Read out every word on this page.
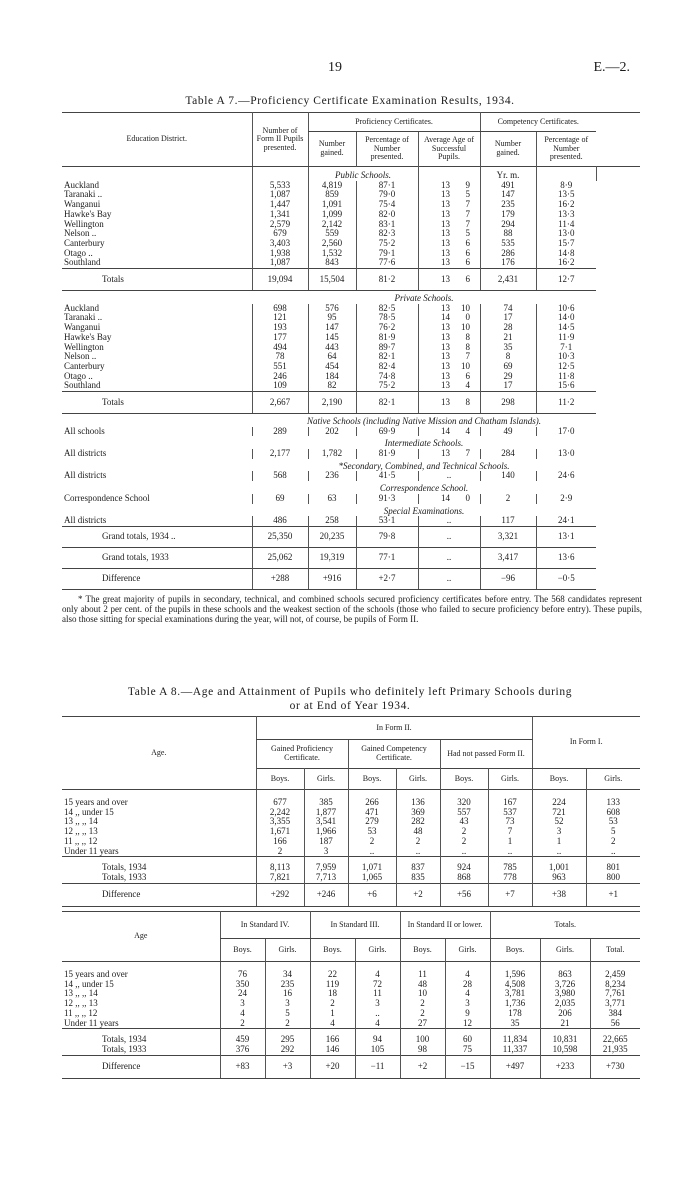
19	E.—2.
Table A 7.—Proficiency Certificate Examination Results, 1934.
Education District.	Number of Form II Pupils presented.	Proficiency Certificates.			Competency Certificates.		
		Number gained.	Percentage of Number presented.	Average Age of Successful Pupils.	Number gained.	Percentage of Number presented.	
		Public Schools.			Yr. m.		
Auckland	5,533	4,819	87·1	13 9	491	8·9	
Taranaki ..	1,087	859	79·0	13 5	147	13·5	
Wanganui	1,447	1,091	75·4	13 7	235	16·2	
Hawke's Bay	1,341	1,099	82·0	13 7	179	13·3	
Wellington	2,579	2,142	83·1	13 7	294	11·4	
Nelson ..	679	559	82·3	13 5	88	13·0	
Canterbury	3,403	2,560	75·2	13 6	535	15·7	
Otago ..	1,938	1,532	79·1	13 6	286	14·8	
Southland	1,087	843	77·6	13 6	176	16·2	
Totals	19,094	15,504	81·2	13 6	2,431	12·7	
	Private Schools.						
Auckland	698	576	82·5	13 10	74	10·6	
Taranaki ..	121	95	78·5	14 0	17	14·0	
Wanganui	193	147	76·2	13 10	28	14·5	
Hawke's Bay	177	145	81·9	13 8	21	11·9	
Wellington	494	443	89·7	13 8	35	7·1	
Nelson ..	78	64	82·1	13 7	8	10·3	
Canterbury	551	454	82·4	13 10	69	12·5	
Otago ..	246	184	74·8	13 6	29	11·8	
Southland	109	82	75·2	13 4	17	15·6	
Totals	2,667	2,190	82·1	13 8	298	11·2	
	Native Schools (including Native Mission and Chatham Islands).						
All schools	289	202	69·9	14 4	49	17·0	
	Intermediate Schools.						
All districts	2,177	1,782	81·9	13 7	284	13·0	
	*Secondary, Combined, and Technical Schools.						
All districts	568	236	41·5	..	140	24·6	
	Correspondence School.						
Correspondence School	69	63	91·3	14 0	2	2·9	
	Special Examinations.						
All districts	486	258	53·1	..	117	24·1	
Grand totals, 1934 ..	25,350	20,235	79·8	..	3,321	13·1	
Grand totals, 1933	25,062	19,319	77·1	..	3,417	13·6	
Difference	+288	+916	+2·7	..	−96	−0·5	

* The great majority of pupils in secondary, technical, and combined schools secured proficiency certificates before entry. The 568 candidates represent only about 2 per cent. of the pupils in these schools and the weakest section of the schools (those who failed to secure proficiency before entry). These pupils, also those sitting for special examinations during the year, will not, of course, be pupils of Form II.

Table A 8.—Age and Attainment of Pupils who definitely left Primary Schools during
or at End of Year 1934.
Age.	In Form II.						In Form I.	
	Gained Proficiency Certificate.		Gained Competency Certificate.		Had not passed Form II.			
	Boys.	Girls.	Boys.	Girls.	Boys.	Girls.	Boys.	Girls.

15 years and over	677	385	266	136	320	167	224	133
14 ,, under 15	2,242	1,877	471	369	557	537	721	608
13 ,, ,, 14	3,355	3,541	279	282	43	73	52	53
12 ,, ,, 13	1,671	1,966	53	48	2	7	3	5
11 ,, ,, 12	166	187	2	2	2	1	1	2
Under 11 years	2	3	..	..	..	..	..	..
Totals, 1934	8,113	7,959	1,071	837	924	785	1,001	801
Totals, 1933	7,821	7,713	1,065	835	868	778	963	800
Difference	+292	+246	+6	+2	+56	+7	+38	+1
Age	In Standard IV.		In Standard III.		In Standard II or lower.		Totals.		
	Boys.	Girls.	Boys.	Girls.	Boys.	Girls.	Boys.	Girls.	Total.

15 years and over	76	34	22	4	11	4	1,596	863	2,459
14 ,, under 15	350	235	119	72	48	28	4,508	3,726	8,234
13 ,, ,, 14	24	16	18	11	10	4	3,781	3,980	7,761
12 ,, ,, 13	3	3	2	3	2	3	1,736	2,035	3,771
11 ,, ,, 12	4	5	1	..	2	9	178	206	384
Under 11 years	2	2	4	4	27	12	35	21	56
Totals, 1934	459	295	166	94	100	60	11,834	10,831	22,665
Totals, 1933	376	292	146	105	98	75	11,337	10,598	21,935
Difference	+83	+3	+20	−11	+2	−15	+497	+233	+730
